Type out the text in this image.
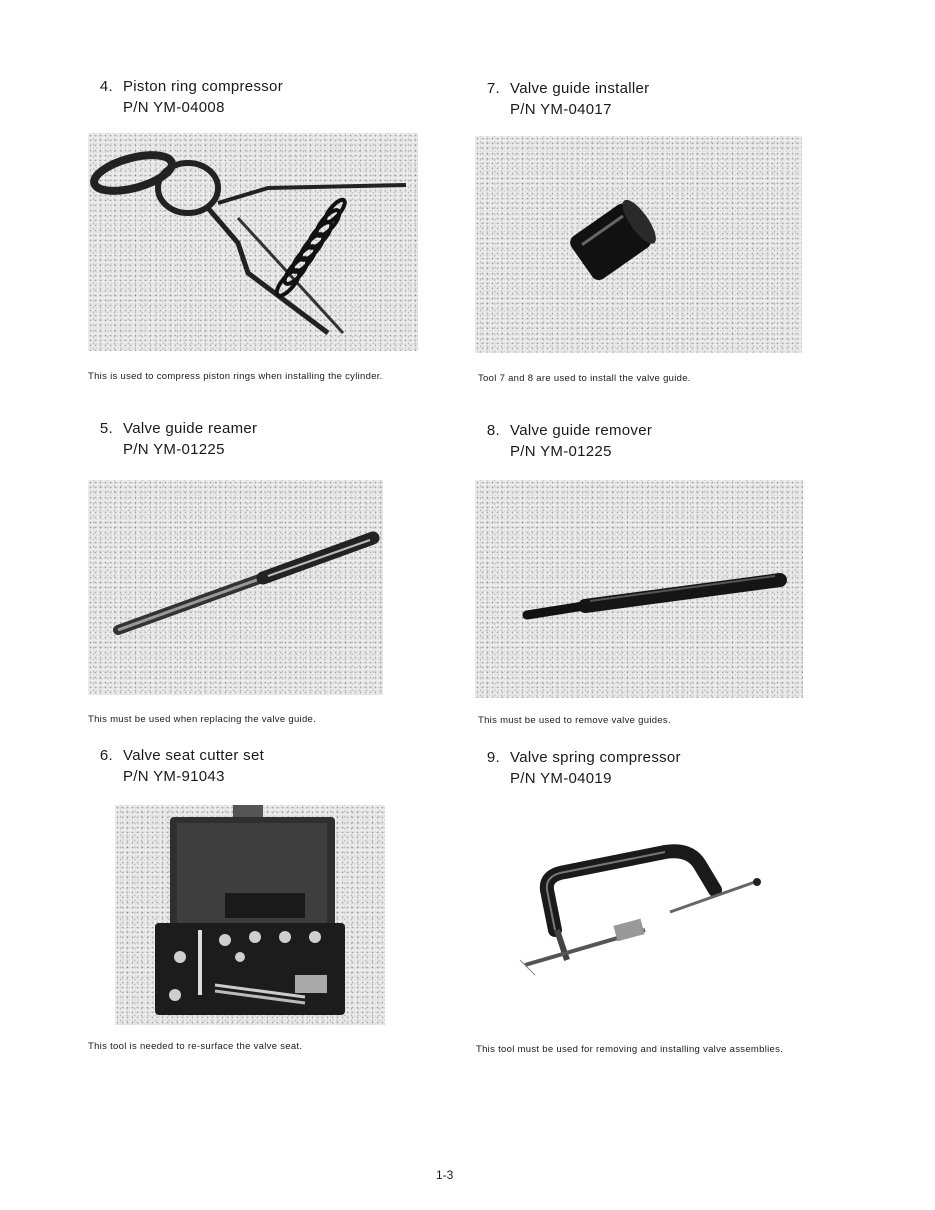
4. Piston ring compressor
P/N YM-04008
This is used to compress piston rings when installing the cylinder.
5. Valve guide reamer
P/N YM-01225
This must be used when replacing the valve guide.
6. Valve seat cutter set
P/N YM-91043
This tool is needed to re-surface the valve seat.
7. Valve guide installer
P/N YM-04017
Tool 7 and 8 are used to install the valve guide.
8. Valve guide remover
P/N YM-01225
This must be used to remove valve guides.
9. Valve spring compressor
P/N YM-04019
This tool must be used for removing and installing valve assemblies.
1-3
